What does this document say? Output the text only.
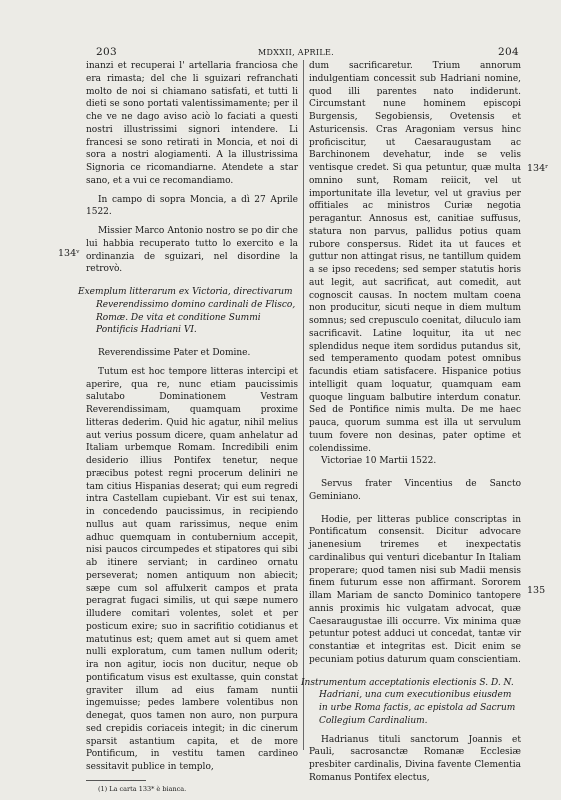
203	MDXXII, APRILE.	204
134ᵛ
134ʳ
135

inanzi et recuperai l' artellaria franciosa che era rimasta; del che li sguizari refranchati molto de noi si chiamano satisfati, et tutti li dieti se sono portati valentissimamente; per il che ve ne dago aviso aciò lo faciati a questi nostri illustrissimi signori intendere. Li francesi se sono retirati in Moncia, et noi di sora a nostri alogiamenti. A la illustrissima Signoria ce ricomandiarne. Atendete a star sano, et a vui ce recomandiamo.

In campo di sopra Moncia, a dì 27 Aprile 1522.

Missier Marco Antonio nostro se po dir che lui habbia recuperato tutto lo exercito e la ordinanzia de sguizari, nel disordine la retrovò.

Exemplum litterarum ex Victoria, directivarum Reverendissimo domino cardinali de Flisco, Romæ. De vita et conditione Summi Pontificis Hadriani VI.

Reverendissime Pater et Domine.

Tutum est hoc tempore litteras intercipi et aperire, qua re, nunc etiam paucissimis salutabo Dominationem Vestram Reverendissimam, quamquam proxime litteras dederim. Quid hic agatur, nihil melius aut verius possum dicere, quam anhelatur ad Italiam urbemque Romam. Incredibili enim desiderio illius Pontifex tenetur, neque præcibus potest regni procerum deliniri ne tam citius Hispanias deserat; qui eum regredi intra Castellam cupiebant. Vir est sui tenax, in concedendo paucissimus, in recipiendo nullus aut quam rarissimus, neque enim adhuc quemquam in contubernium accepit, nisi paucos circumpedes et stipatores qui sibi ab itinere serviant; in cardineo ornatu perseverat; nomen antiquum non abiecit; sæpe cum sol affulxerit campos et prata peragrat fugaci similis, ut qui sæpe numero illudere comitari volentes, solet et per posticum exire; suo in sacrifitio cotidianus et matutinus est; quem amet aut si quem amet nulli exploratum, cum tamen nullum oderit; ira non agitur, iocis non ducitur, neque ob pontificatum visus est exultasse, quin constat graviter illum ad eius famam nuntii ingemuisse; pedes lambere volentibus non denegat, quos tamen non auro, non purpura sed crepidis coriaceis integit; in dic cinerum sparsit astantium capita, et de more Pontificum, in vestitu tamen cardineo sessitavit publice in templo,

(1) La carta 133* è bianca.

dum sacrificaretur. Trium annorum indulgentiam concessit sub Hadriani nomine, quod illi parentes nato indiderunt. Circumstant nune hominem episcopi Burgensis, Segobiensis, Ovetensis et Asturicensis. Cras Aragoniam versus hinc proficiscitur, ut Caesaraugustam ac Barchinonem devehatur, inde se velis ventisque credet. Si qua petuntur, quæ multa omnino sunt, Romam reiicit, vel ut importunitate illa levetur, vel ut gravius per offitiales ac ministros Curiæ negotia peragantur. Annosus est, canitiae suffusus, statura non parvus, pallidus potius quam rubore conspersus. Ridet ita ut fauces et guttur non attingat risus, ne tantillum quidem a se ipso recedens; sed semper statutis horis aut legit, aut sacrificat, aut comedit, aut cognoscit causas. In noctem multam coena non producitur, sicuti neque in diem multum somnus; sed crepusculo coenitat, diluculo iam sacrificavit. Latine loquitur, ita ut nec splendidus neque item sordidus putandus sit, sed temperamento quodam potest omnibus facundis etiam satisfacere. Hispanice potius intelligit quam loquatur, quamquam eam quoque linguam balbutire interdum conatur. Sed de Pontifice nimis multa. De me haec pauca, quorum summa est illa ut servulum tuum fovere non desinas, pater optime et colendissime.

Victoriae 10 Martii 1522.

Servus frater Vincentius de Sancto Geminiano.

Hodie, per litteras publice conscriptas in Pontificatum consensit. Dicitur advocare janenesium triremes et inexpectatis cardinalibus qui venturi dicebantur In Italiam properare; quod tamen nisi sub Madii mensis finem futurum esse non affirmant. Sororem illam Mariam de sancto Dominico tantopere annis proximis hic vulgatam advocat, quæ Caesaraugustae illi occurre. Vix minima quæ petuntur potest adduci ut concedat, tantæ vir constantiæ et integritas est. Dicit enim se pecuniam potius daturum quam conscientiam.

Instrumentum acceptationis electionis S. D. N. Hadriani, una cum executionibus eiusdem in urbe Roma factis, ac epistola ad Sacrum Collegium Cardinalium.

Hadrianus tituli sanctorum Joannis et Pauli, sacrosanctæ Romanæ Ecclesiæ presbiter cardinalis, Divina favente Clementia Romanus Pontifex electus,
